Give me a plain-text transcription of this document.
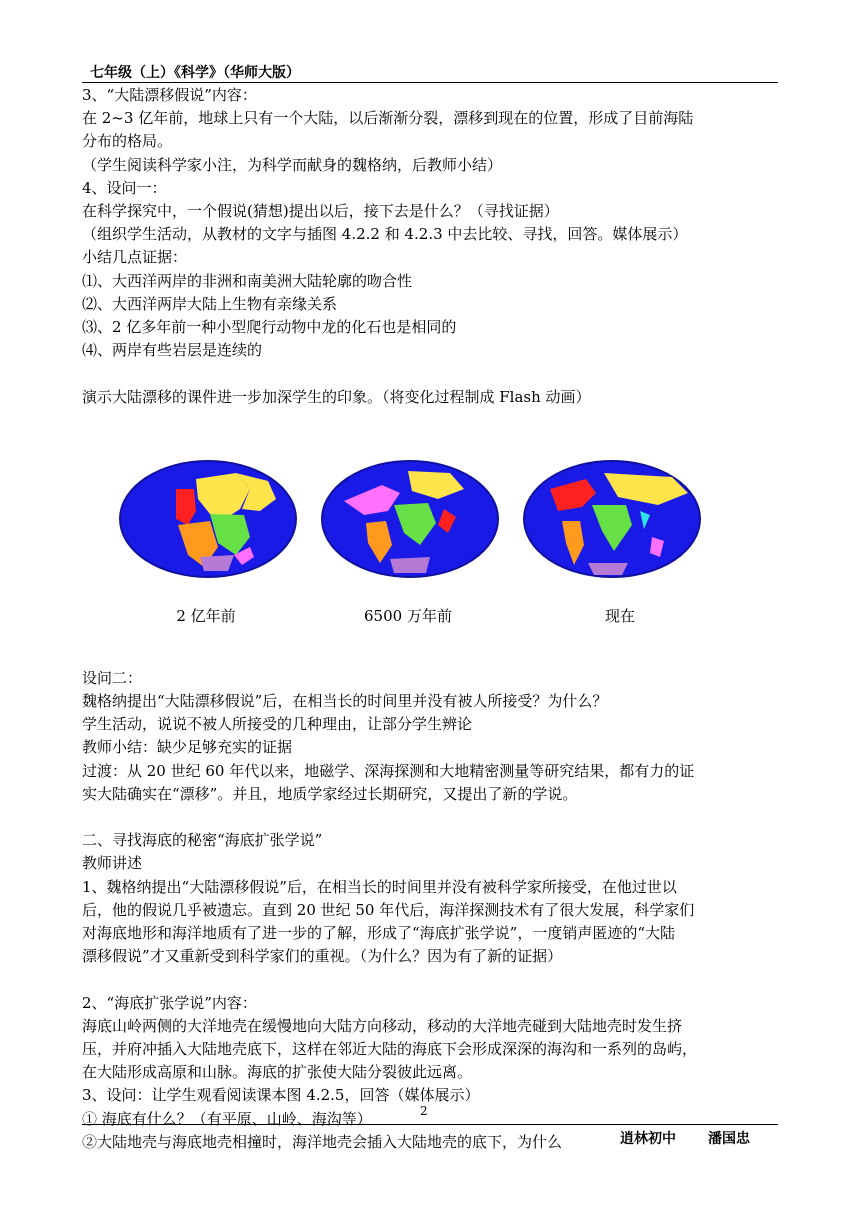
七年级（上）《科学》（华师大版）
3、“大陆漂移假说”内容：
在 2~3 亿年前，地球上只有一个大陆，以后渐渐分裂，漂移到现在的位置，形成了目前海陆
分布的格局。
（学生阅读科学家小注，为科学而献身的魏格纳，后教师小结）
4、设问一：
在科学探究中，一个假说(猜想)提出以后，接下去是什么？（寻找证据）
（组织学生活动，从教材的文字与插图 4.2.2 和 4.2.3 中去比较、寻找，回答。媒体展示）
小结几点证据：
⑴、大西洋两岸的非洲和南美洲大陆轮廓的吻合性
⑵、大西洋两岸大陆上生物有亲缘关系
⑶、2 亿多年前一种小型爬行动物中龙的化石也是相同的
⑷、两岸有些岩层是连续的
演示大陆漂移的课件进一步加深学生的印象。（将变化过程制成 Flash 动画）
2 亿年前	6500 万年前	现在
设问二：
魏格纳提出“大陆漂移假说”后，在相当长的时间里并没有被人所接受？为什么？
学生活动，说说不被人所接受的几种理由，让部分学生辨论
教师小结：缺少足够充实的证据
过渡：从 20 世纪 60 年代以来，地磁学、深海探测和大地精密测量等研究结果，都有力的证
实大陆确实在“漂移”。并且，地质学家经过长期研究，又提出了新的学说。
二、寻找海底的秘密“海底扩张学说”
教师讲述
1、魏格纳提出“大陆漂移假说”后，在相当长的时间里并没有被科学家所接受，在他过世以
后，他的假说几乎被遗忘。直到 20 世纪 50 年代后，海洋探测技术有了很大发展，科学家们
对海底地形和海洋地质有了进一步的了解，形成了“海底扩张学说”，一度销声匿迹的“大陆
漂移假说”才又重新受到科学家们的重视。（为什么？因为有了新的证据）
2、“海底扩张学说”内容：
海底山岭两侧的大洋地壳在缓慢地向大陆方向移动，移动的大洋地壳碰到大陆地壳时发生挤
压，并府冲插入大陆地壳底下，这样在邻近大陆的海底下会形成深深的海沟和一系列的岛屿，
在大陆形成高原和山脉。海底的扩张使大陆分裂彼此远离。
3、设问：让学生观看阅读课本图 4.2.5，回答（媒体展示）
① 海底有什么？（有平原、山岭、海沟等）
②大陆地壳与海底地壳相撞时，海洋地壳会插入大陆地壳的底下，为什么
2
逍林初中 潘国忠
